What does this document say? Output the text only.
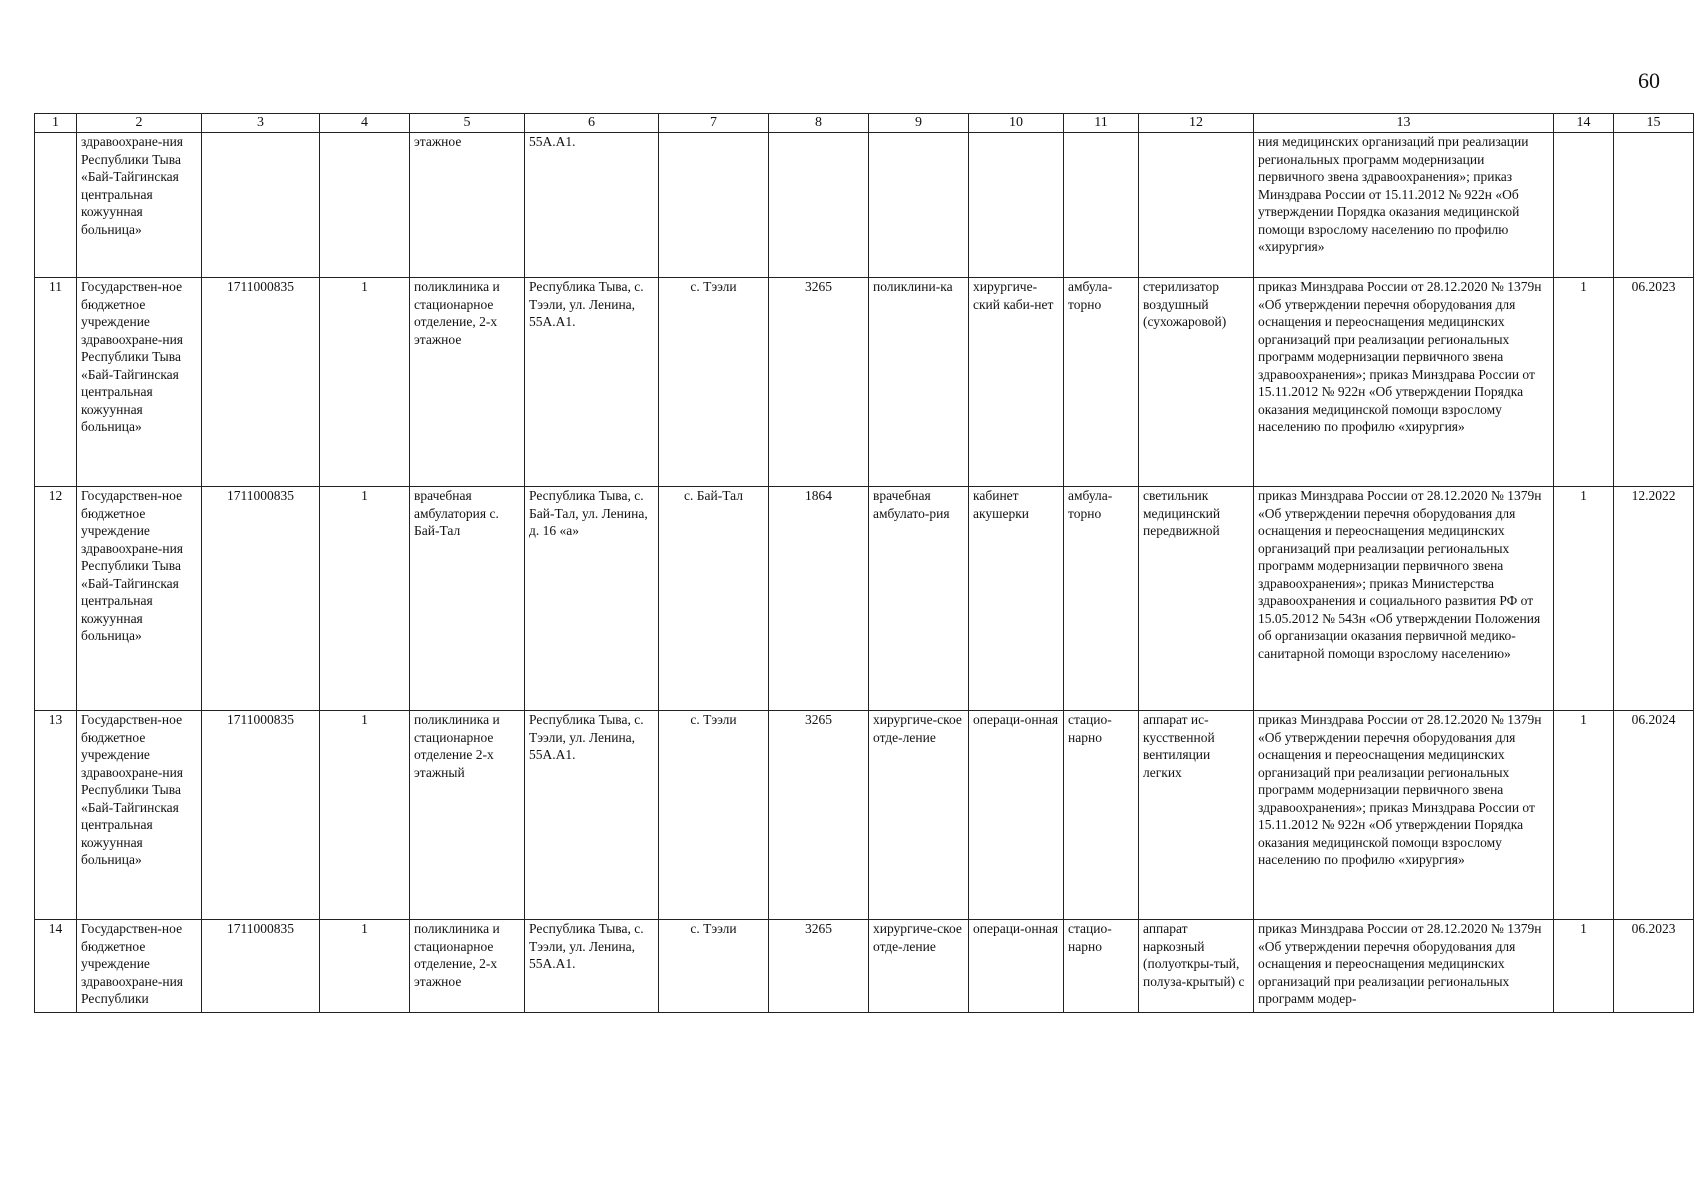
60
1	2	3	4	5	6	7	8	9	10	11	12	13	14	15
	здравоохране-ния Республики Тыва «Бай-Тайгинская центральная кожуунная больница»			этажное	55А.А1.							ния медицинских организаций при реализации региональных программ модернизации первичного звена здравоохранения»; приказ Минздрава России от 15.11.2012 № 922н «Об утверждении Порядка оказания медицинской помощи взрослому населению по профилю «хирургия»		
11	Государствен-ное бюджетное учреждение здравоохране-ния Республики Тыва «Бай-Тайгинская центральная кожуунная больница»	1711000835	1	поликлиника и стационарное отделение, 2-х этажное	Республика Тыва, с. Тээли, ул. Ленина, 55А.А1.	с. Тээли	3265	поликлини-ка	хирургиче-ский каби-нет	амбула-торно	стерилизатор воздушный (сухожаровой)	приказ Минздрава России от 28.12.2020 № 1379н «Об утверждении перечня оборудования для оснащения и переоснащения медицинских организаций при реализации региональных программ модернизации первичного звена здравоохранения»; приказ Минздрава России от 15.11.2012 № 922н «Об утверждении Порядка оказания медицинской помощи взрослому населению по профилю «хирургия»	1	06.2023
12	Государствен-ное бюджетное учреждение здравоохране-ния Республики Тыва «Бай-Тайгинская центральная кожуунная больница»	1711000835	1	врачебная амбулатория с. Бай-Тал	Республика Тыва, с. Бай-Тал, ул. Ленина, д. 16 «а»	с. Бай-Тал	1864	врачебная амбулато-рия	кабинет акушерки	амбула-торно	светильник медицинский передвижной	приказ Минздрава России от 28.12.2020 № 1379н «Об утверждении перечня оборудования для оснащения и переоснащения медицинских организаций при реализации региональных программ модернизации первичного звена здравоохранения»; приказ Министерства здравоохранения и социального развития РФ от 15.05.2012 № 543н «Об утверждении Положения об организации оказания первичной медико-санитарной помощи взрослому населению»	1	12.2022
13	Государствен-ное бюджетное учреждение здравоохране-ния Республики Тыва «Бай-Тайгинская центральная кожуунная больница»	1711000835	1	поликлиника и стационарное отделение 2-х этажный	Республика Тыва, с. Тээли, ул. Ленина, 55А.А1.	с. Тээли	3265	хирургиче-ское отде-ление	операци-онная	стацио-нарно	аппарат ис-кусственной вентиляции легких	приказ Минздрава России от 28.12.2020 № 1379н «Об утверждении перечня оборудования для оснащения и переоснащения медицинских организаций при реализации региональных программ модернизации первичного звена здравоохранения»; приказ Минздрава России от 15.11.2012 № 922н «Об утверждении Порядка оказания медицинской помощи взрослому населению по профилю «хирургия»	1	06.2024
14	Государствен-ное бюджетное учреждение здравоохране-ния Республики	1711000835	1	поликлиника и стационарное отделение, 2-х этажное	Республика Тыва, с. Тээли, ул. Ленина, 55А.А1.	с. Тээли	3265	хирургиче-ское отде-ление	операци-онная	стацио-нарно	аппарат наркозный (полуоткры-тый, полуза-крытый) с	приказ Минздрава России от 28.12.2020 № 1379н «Об утверждении перечня оборудования для оснащения и переоснащения медицинских организаций при реализации региональных программ модер-	1	06.2023
